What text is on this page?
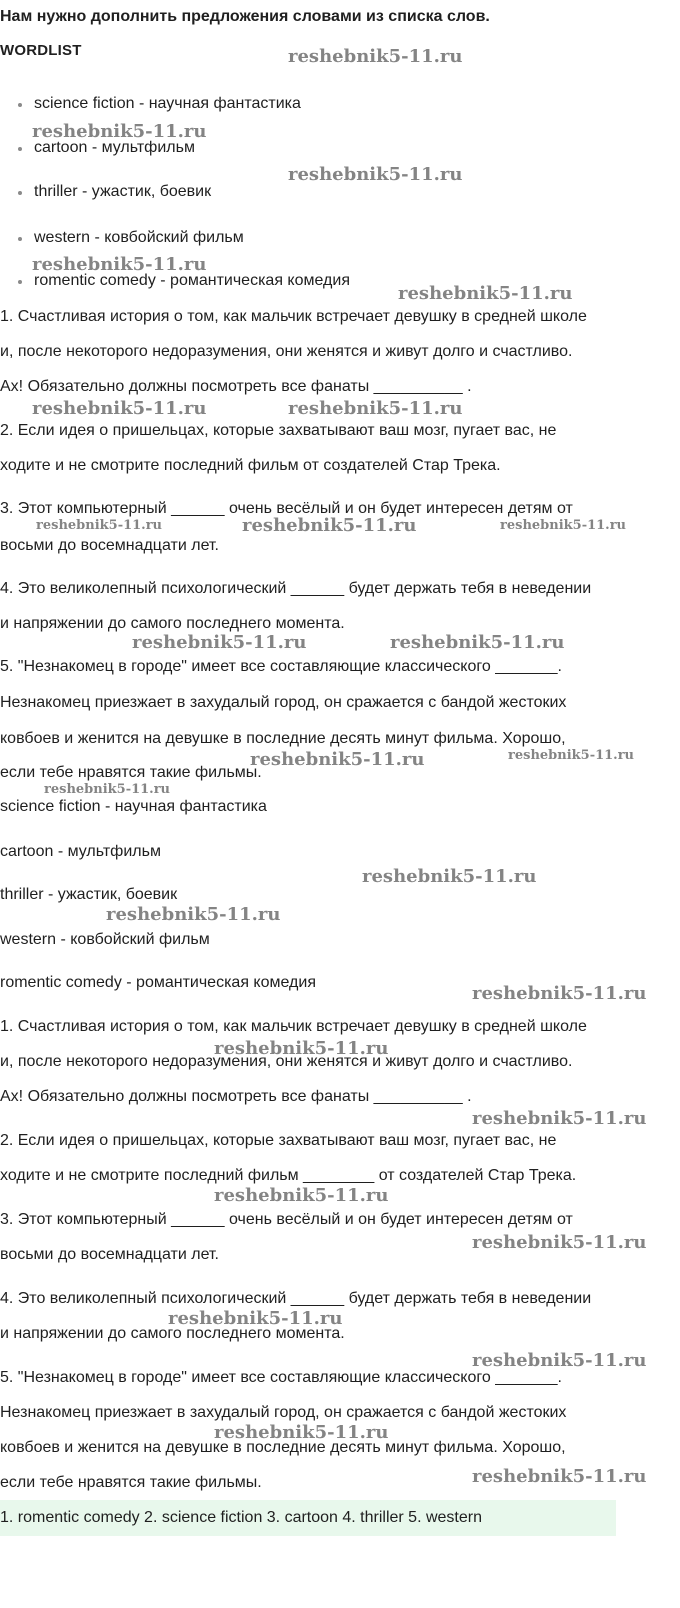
Нам нужно дополнить предложения словами из списка слов.
WORDLIST
science fiction - научная фантастика
cartoon - мультфильм
thriller - ужастик, боевик
western - ковбойский фильм
romentic comedy - романтическая комедия
1. Счастливая история о том, как мальчик встречает девушку в средней школе
и, после некоторого недоразумения, они женятся и живут долго и счастливо.
Ах! Обязательно должны посмотреть все фанаты __________ .
2. Если идея о пришельцах, которые захватывают ваш мозг, пугает вас, не
ходите и не смотрите последний фильм от создателей Стар Трека.
3. Этот компьютерный ______ очень весёлый и он будет интересен детям от
восьми до восемнадцати лет.
4. Это великолепный психологический ______ будет держать тебя в неведении
и напряжении до самого последнего момента.
5. "Незнакомец в городе" имеет все составляющие классического _______.
Незнакомец приезжает в захудалый город, он сражается с бандой жестоких
ковбоев и женится на девушке в последние десять минут фильма. Хорошо,
если тебе нравятся такие фильмы.
science fiction - научная фантастика
cartoon - мультфильм
thriller - ужастик, боевик
western - ковбойский фильм
romentic comedy - романтическая комедия
1. Счастливая история о том, как мальчик встречает девушку в средней школе
и, после некоторого недоразумения, они женятся и живут долго и счастливо.
Ах! Обязательно должны посмотреть все фанаты __________ .
2. Если идея о пришельцах, которые захватывают ваш мозг, пугает вас, не
ходите и не смотрите последний фильм ________ от создателей Стар Трека.
3. Этот компьютерный ______ очень весёлый и он будет интересен детям от
восьми до восемнадцати лет.
4. Это великолепный психологический ______ будет держать тебя в неведении
и напряжении до самого последнего момента.
5. "Незнакомец в городе" имеет все составляющие классического _______.
Незнакомец приезжает в захудалый город, он сражается с бандой жестоких
ковбоев и женится на девушке в последние десять минут фильма. Хорошо,
если тебе нравятся такие фильмы.
1. romentic comedy 2. science fiction 3. cartoon 4. thriller 5. western
reshebnik5-11.ru
reshebnik5-11.ru
reshebnik5-11.ru
reshebnik5-11.ru
reshebnik5-11.ru
reshebnik5-11.ru	reshebnik5-11.ru
reshebnik5-11.ru	reshebnik5-11.ru	reshebnik5-11.ru
reshebnik5-11.ru	reshebnik5-11.ru
reshebnik5-11.ru	reshebnik5-11.ru
reshebnik5-11.ru
reshebnik5-11.ru
reshebnik5-11.ru
reshebnik5-11.ru
reshebnik5-11.ru
reshebnik5-11.ru
reshebnik5-11.ru
reshebnik5-11.ru
reshebnik5-11.ru
reshebnik5-11.ru
reshebnik5-11.ru
reshebnik5-11.ru
